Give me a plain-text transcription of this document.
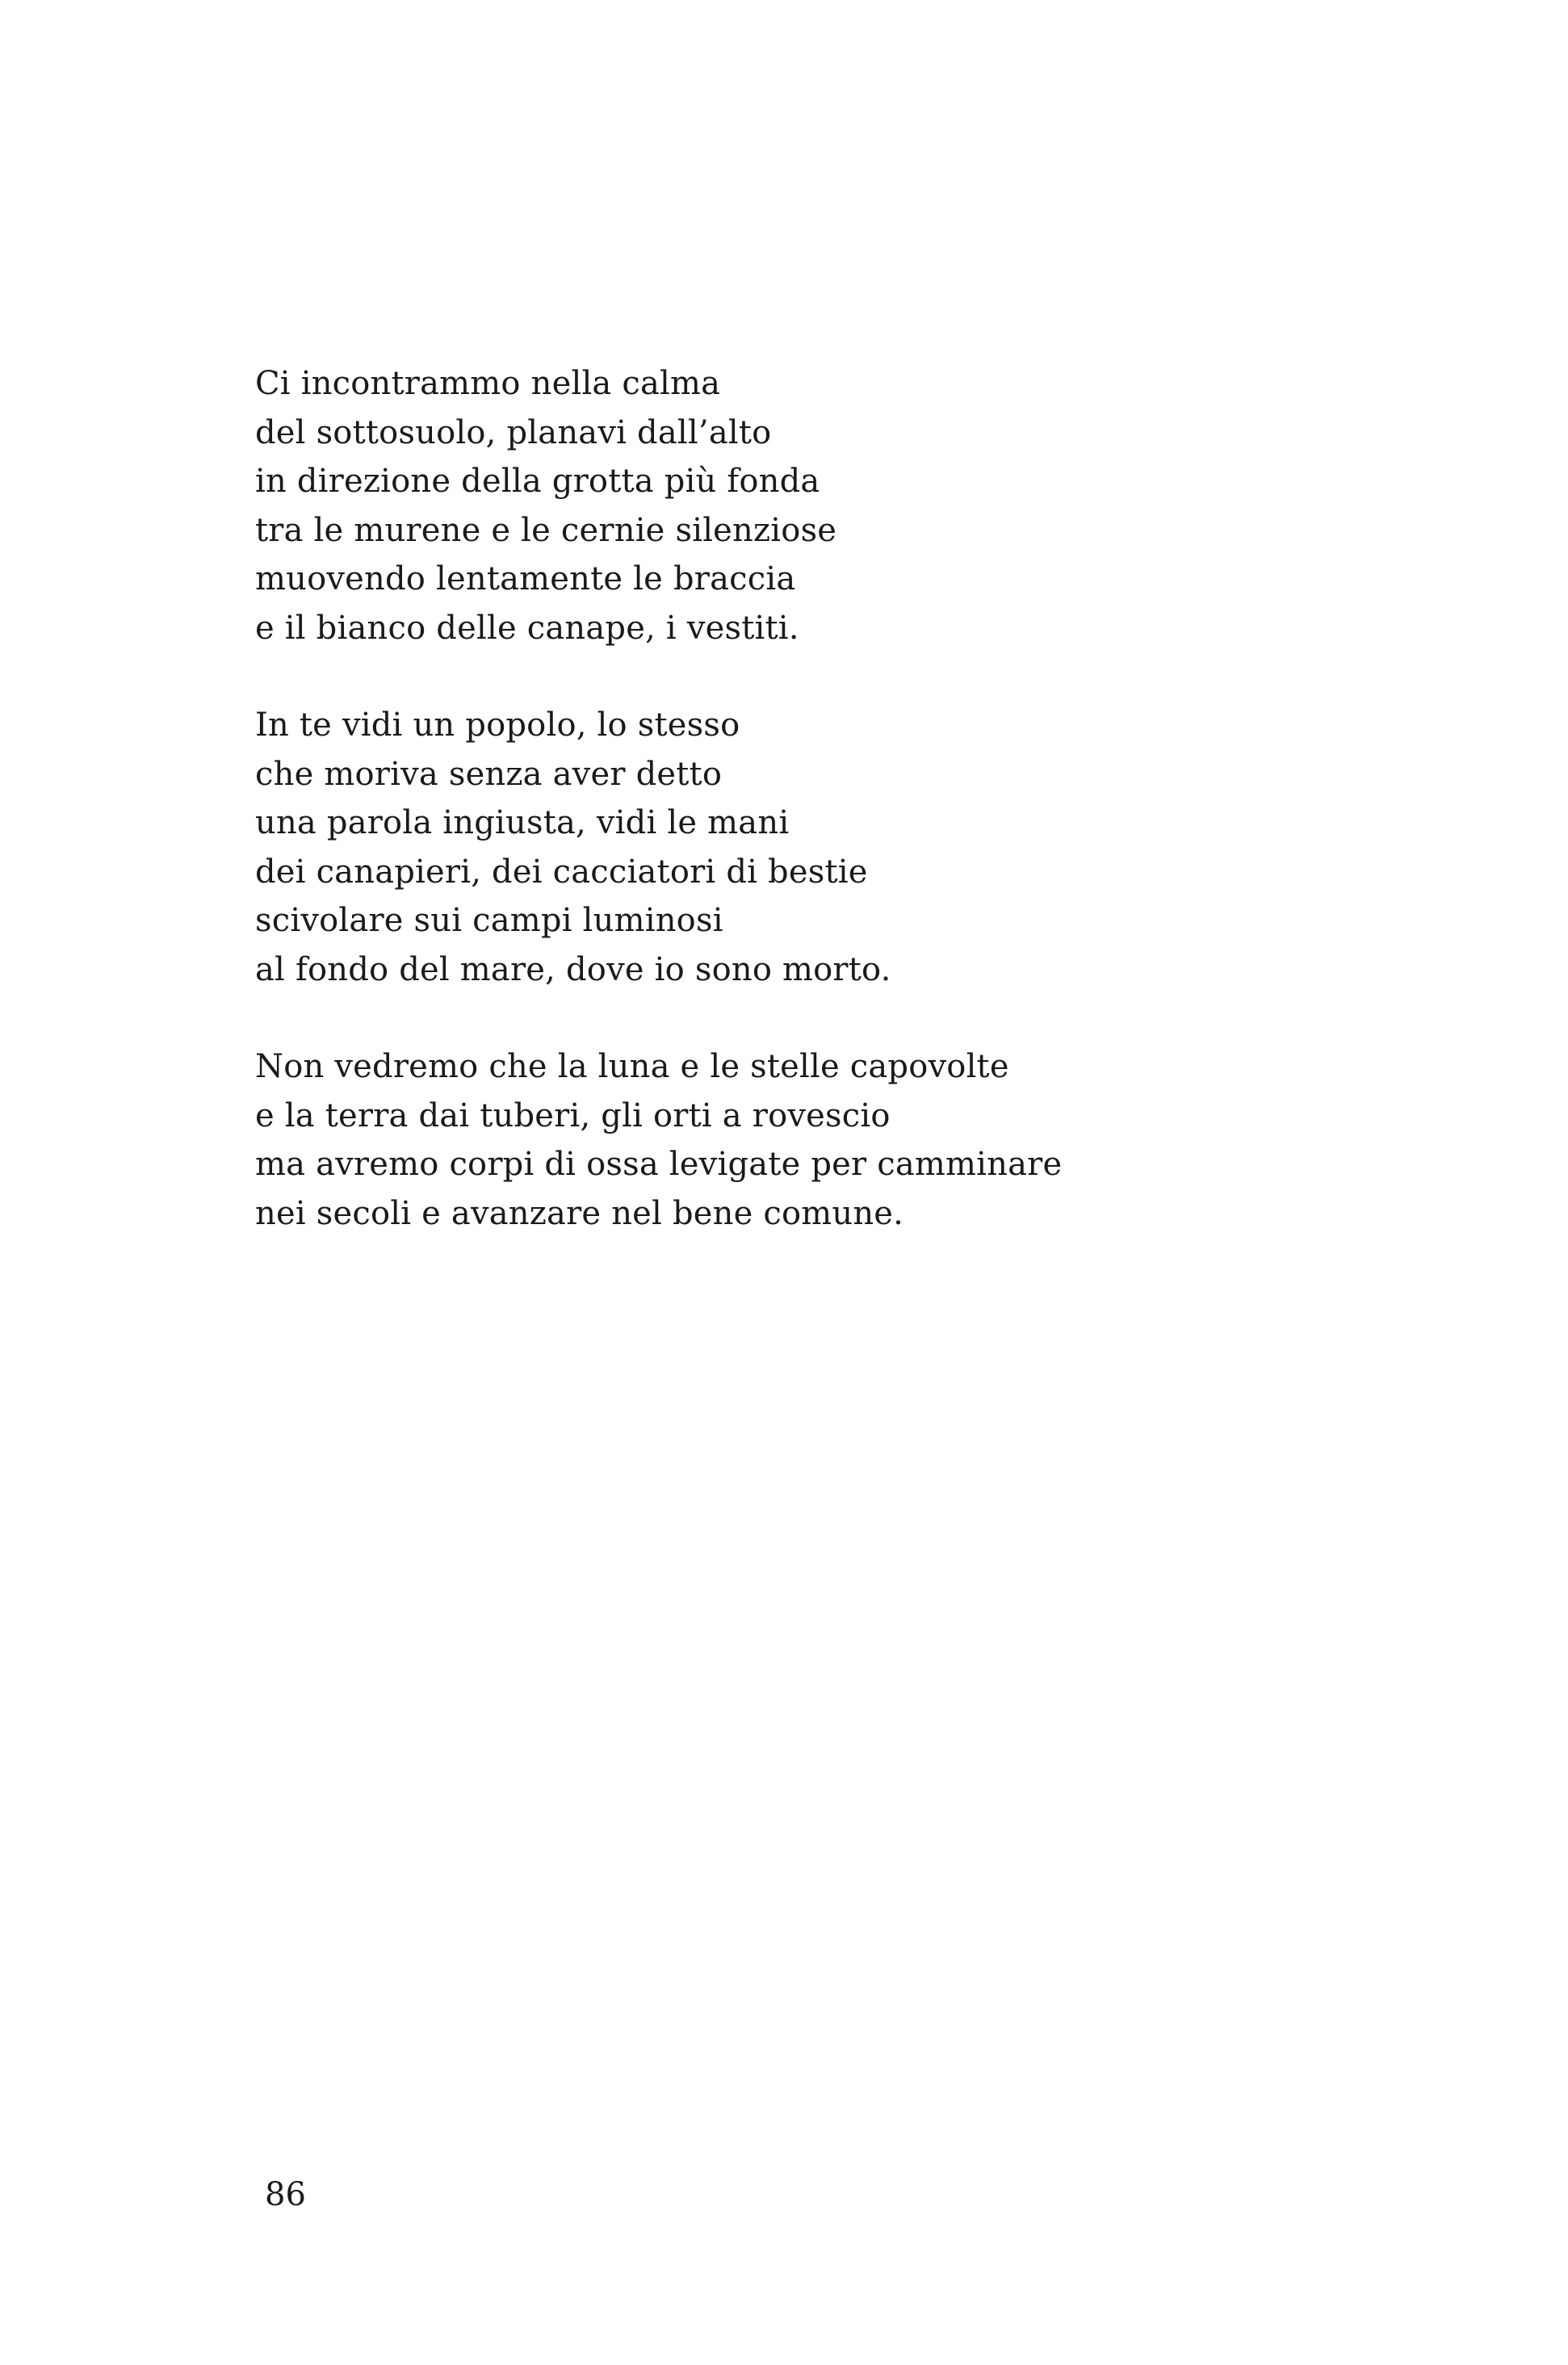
Ci incontrammo nella calma
del sottosuolo, planavi dall’alto
in direzione della grotta più fonda
tra le murene e le cernie silenziose
muovendo lentamente le braccia
e il bianco delle canape, i vestiti.

In te vidi un popolo, lo stesso
che moriva senza aver detto
una parola ingiusta, vidi le mani
dei canapieri, dei cacciatori di bestie
scivolare sui campi luminosi
al fondo del mare, dove io sono morto.

Non vedremo che la luna e le stelle capovolte
e la terra dai tuberi, gli orti a rovescio
ma avremo corpi di ossa levigate per camminare
nei secoli e avanzare nel bene comune.

86
